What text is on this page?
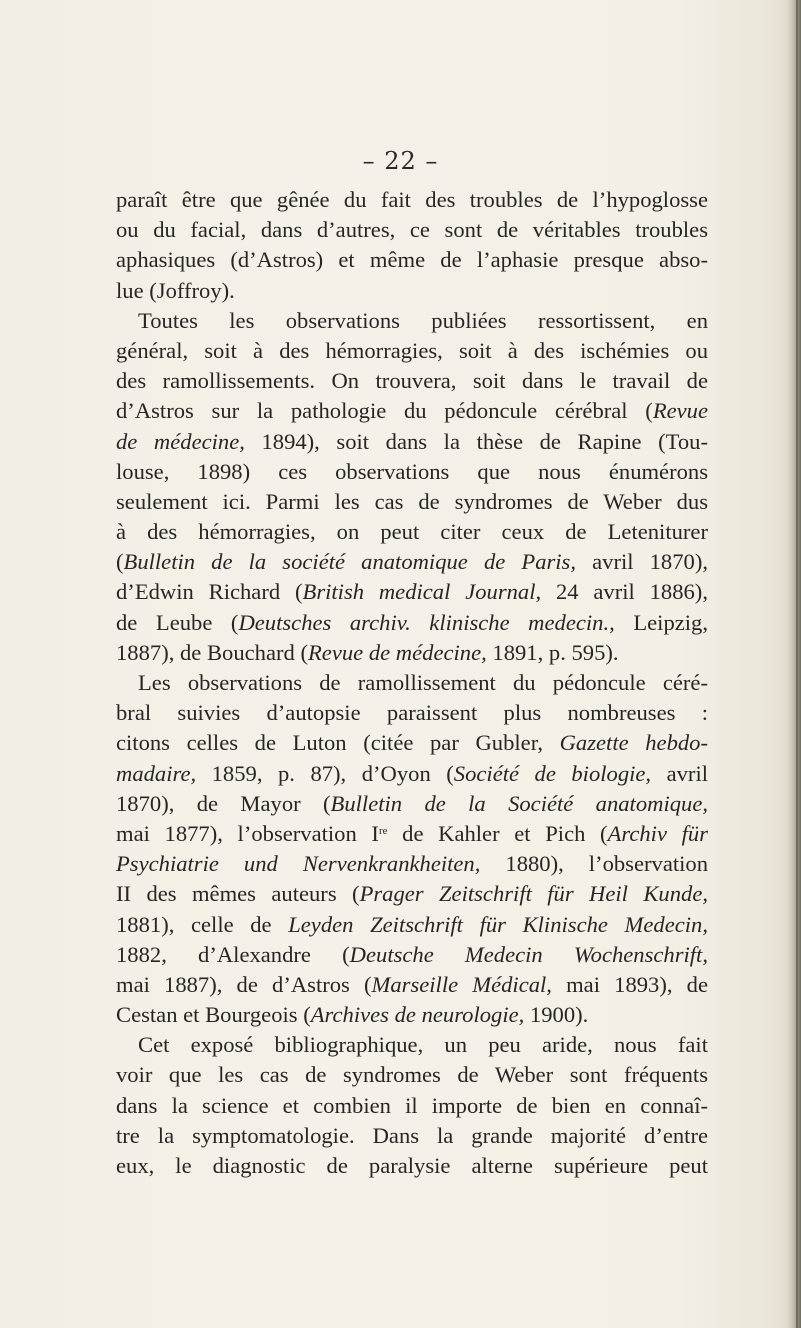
– 22 –
paraît être que gênée du fait des troubles de l’hypoglosse
ou du facial, dans d’autres, ce sont de véritables troubles
aphasiques (d’Astros) et même de l’aphasie presque abso-
lue (Joffroy).
Toutes les observations publiées ressortissent, en
général, soit à des hémorragies, soit à des ischémies ou
des ramollissements. On trouvera, soit dans le travail de
d’Astros sur la pathologie du pédoncule cérébral (Revue
de médecine, 1894), soit dans la thèse de Rapine (Tou-
louse, 1898) ces observations que nous énumérons
seulement ici. Parmi les cas de syndromes de Weber dus
à des hémorragies, on peut citer ceux de Leteniturer
(Bulletin de la société anatomique de Paris, avril 1870),
d’Edwin Richard (British medical Journal, 24 avril 1886),
de Leube (Deutsches archiv. klinische medecin., Leipzig,
1887), de Bouchard (Revue de médecine, 1891, p. 595).
Les observations de ramollissement du pédoncule céré-
bral suivies d’autopsie paraissent plus nombreuses :
citons celles de Luton (citée par Gubler, Gazette hebdo-
madaire, 1859, p. 87), d’Oyon (Société de biologie, avril
1870), de Mayor (Bulletin de la Société anatomique,
mai 1877), l’observation Ire de Kahler et Pich (Archiv für
Psychiatrie und Nervenkrankheiten, 1880), l’observation
II des mêmes auteurs (Prager Zeitschrift für Heil Kunde,
1881), celle de Leyden Zeitschrift für Klinische Medecin,
1882, d’Alexandre (Deutsche Medecin Wochenschrift,
mai 1887), de d’Astros (Marseille Médical, mai 1893), de
Cestan et Bourgeois (Archives de neurologie, 1900).
Cet exposé bibliographique, un peu aride, nous fait
voir que les cas de syndromes de Weber sont fréquents
dans la science et combien il importe de bien en connaî-
tre la symptomatologie. Dans la grande majorité d’entre
eux, le diagnostic de paralysie alterne supérieure peut
